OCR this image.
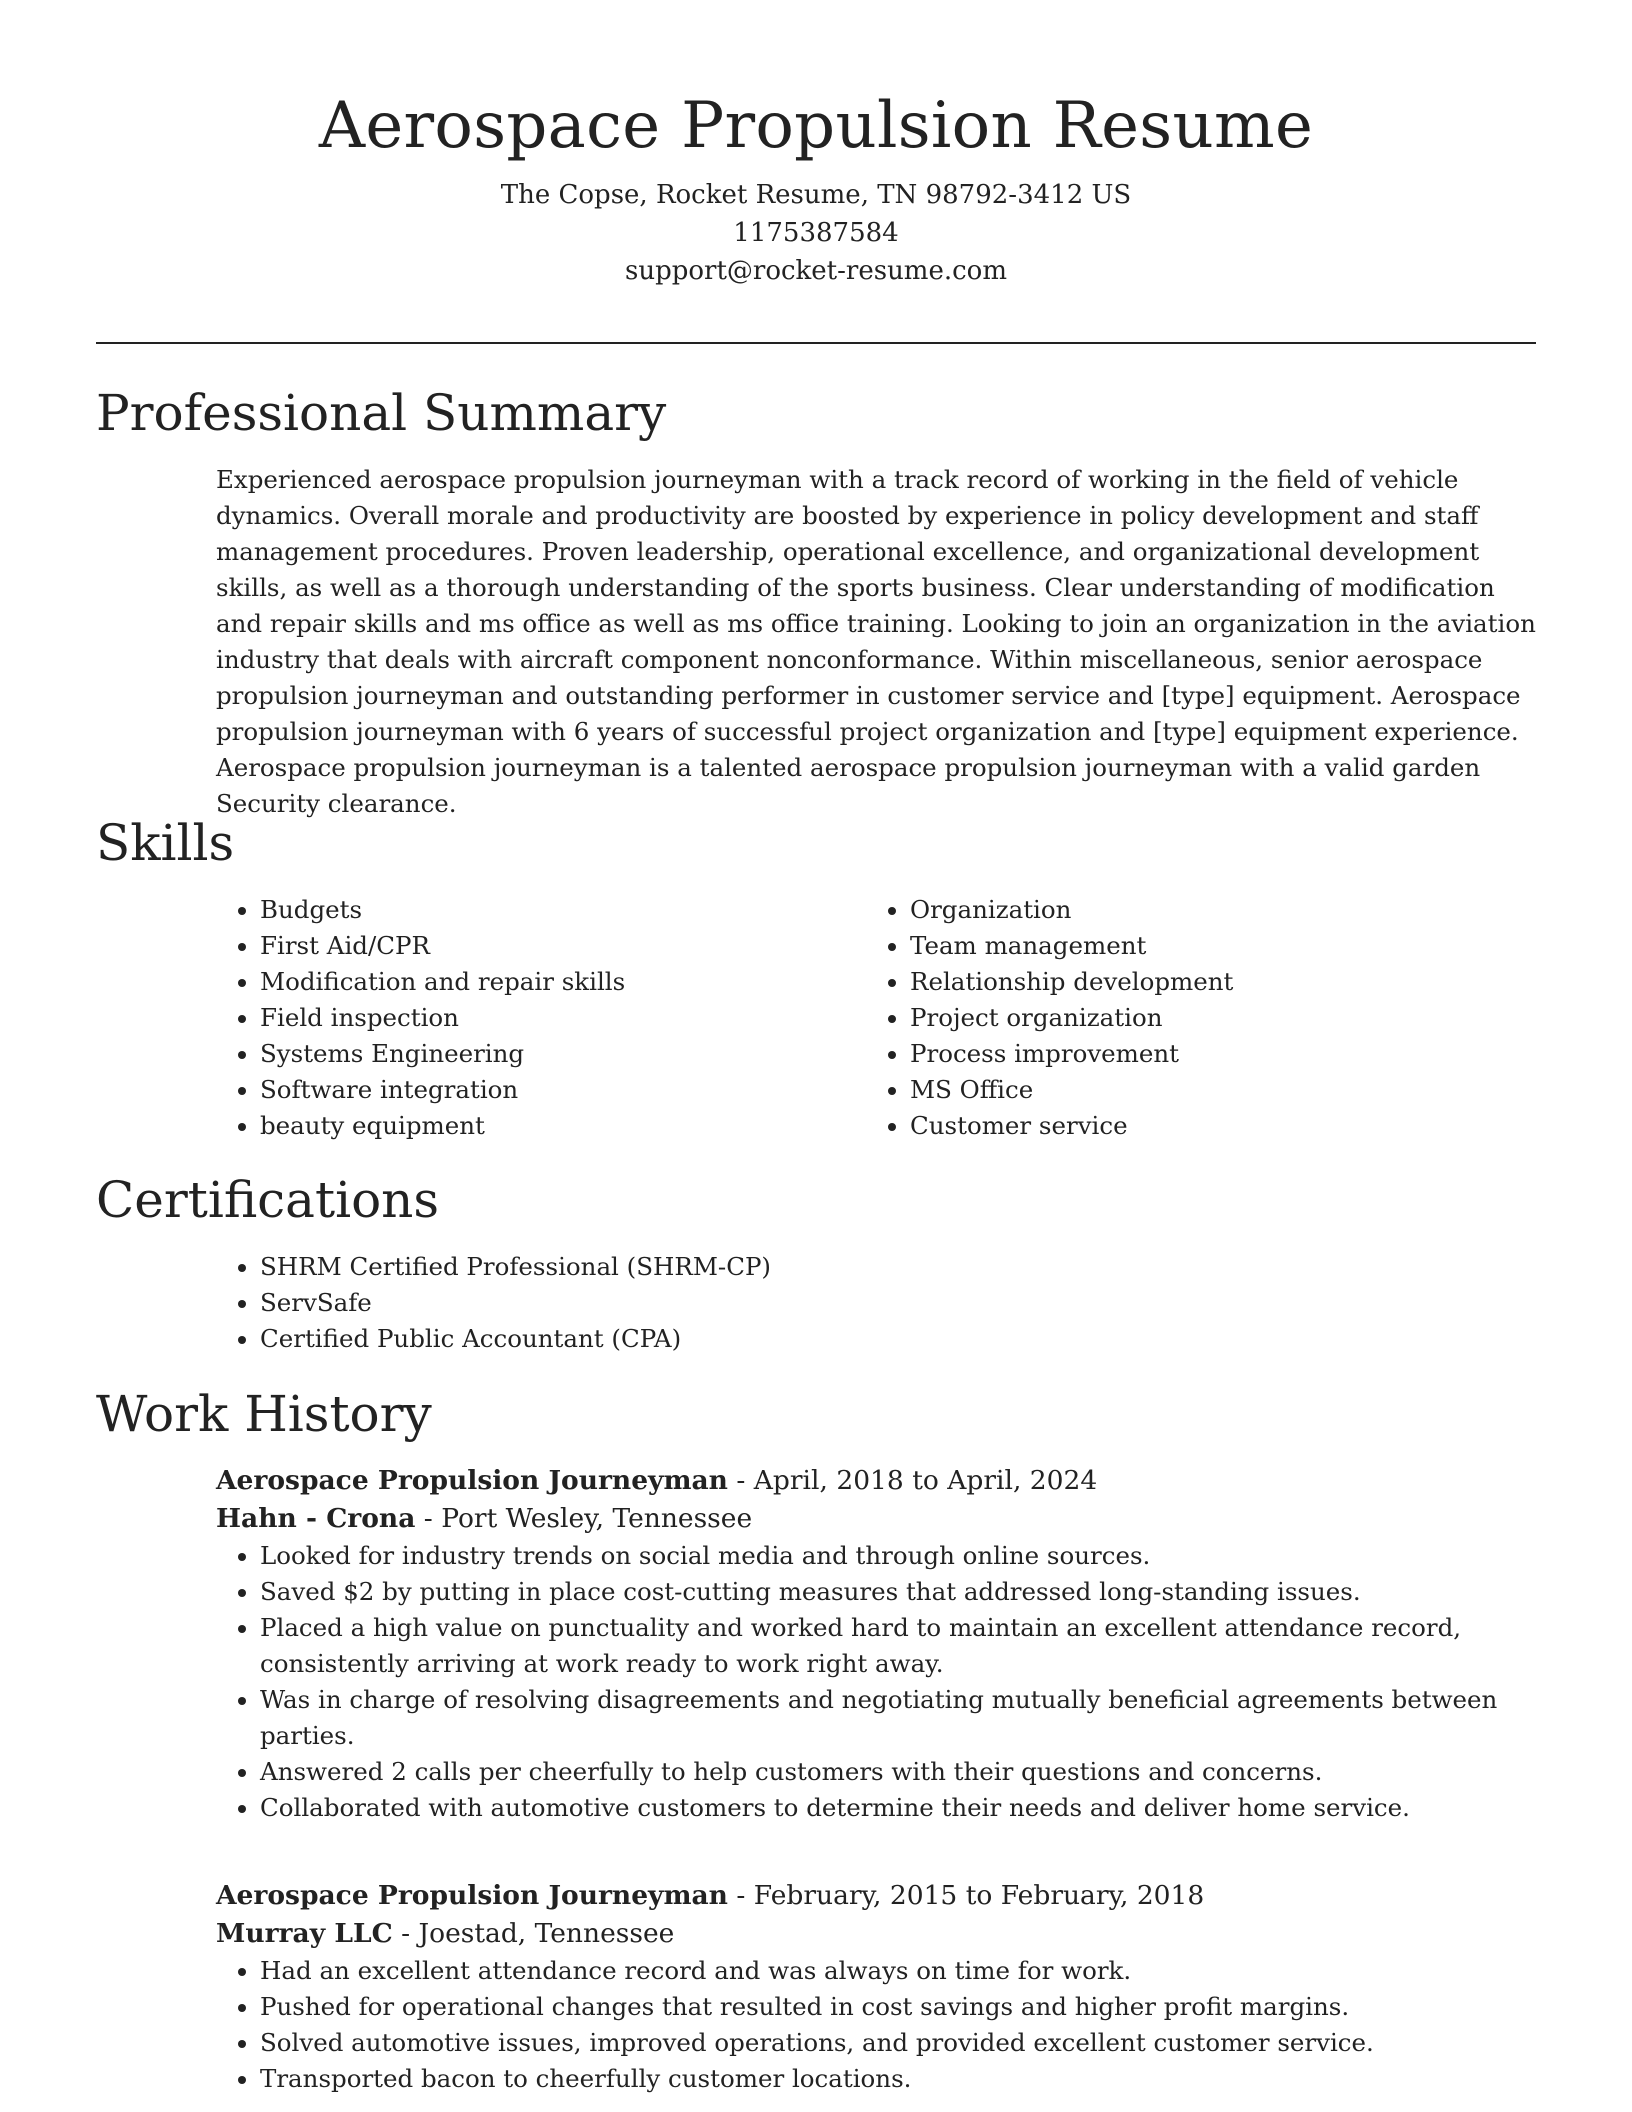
Aerospace Propulsion Resume
The Copse, Rocket Resume, TN 98792-3412 US
1175387584
support@rocket-resume.com
Professional Summary

Experienced aerospace propulsion journeyman with a track record of working in the field of vehicle dynamics. Overall morale and productivity are boosted by experience in policy development and staff management procedures. Proven leadership, operational excellence, and organizational development skills, as well as a thorough understanding of the sports business. Clear understanding of modification and repair skills and ms office as well as ms office training. Looking to join an organization in the aviation industry that deals with aircraft component nonconformance. Within miscellaneous, senior aerospace propulsion journeyman and outstanding performer in customer service and [type] equipment. Aerospace propulsion journeyman with 6 years of successful project organization and [type] equipment experience. Aerospace propulsion journeyman is a talented aerospace propulsion journeyman with a valid garden Security clearance.

Skills
• Budgets
• First Aid/CPR
• Modification and repair skills
• Field inspection
• Systems Engineering
• Software integration
• beauty equipment
• Organization
• Team management
• Relationship development
• Project organization
• Process improvement
• MS Office
• Customer service
Certifications
• SHRM Certified Professional (SHRM-CP)
• ServSafe
• Certified Public Accountant (CPA)
Work History
Aerospace Propulsion Journeyman - April, 2018 to April, 2024
Hahn - Crona - Port Wesley, Tennessee
• Looked for industry trends on social media and through online sources.
• Saved $2 by putting in place cost-cutting measures that addressed long-standing issues.
• Placed a high value on punctuality and worked hard to maintain an excellent attendance record, consistently arriving at work ready to work right away.
• Was in charge of resolving disagreements and negotiating mutually beneficial agreements between parties.
• Answered 2 calls per cheerfully to help customers with their questions and concerns.
• Collaborated with automotive customers to determine their needs and deliver home service.
Aerospace Propulsion Journeyman - February, 2015 to February, 2018
Murray LLC - Joestad, Tennessee
• Had an excellent attendance record and was always on time for work.
• Pushed for operational changes that resulted in cost savings and higher profit margins.
• Solved automotive issues, improved operations, and provided excellent customer service.
• Transported bacon to cheerfully customer locations.
